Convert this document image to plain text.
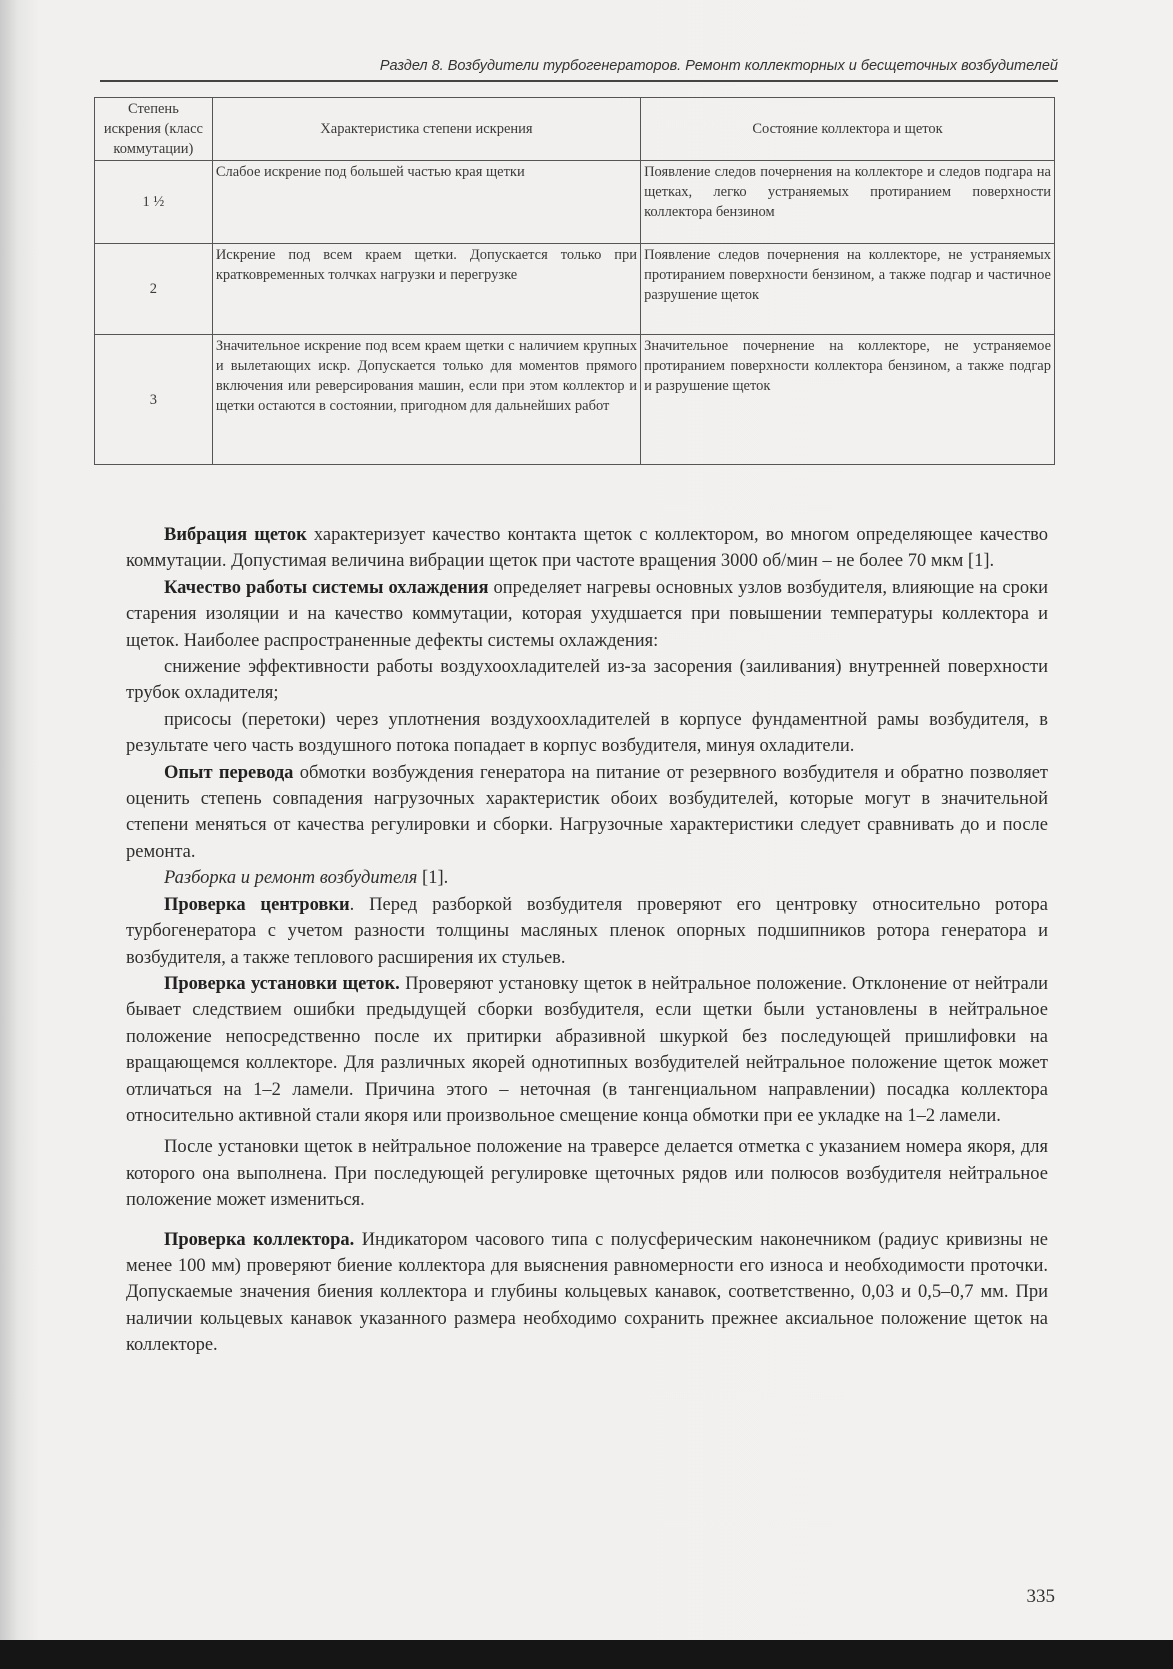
Раздел 8. Возбудители турбогенераторов. Ремонт коллекторных и бесщеточных возбудителей
Степень искрения (класс коммутации)	Характеристика степени искрения	Состояние коллектора и щеток
1 ½	Слабое искрение под большей частью края щетки	Появление следов почернения на коллекторе и следов подгара на щетках, легко устраняемых протиранием поверхности коллектора бензином
2	Искрение под всем краем щетки. Допускается только при кратковременных толчках нагрузки и перегрузке	Появление следов почернения на коллекторе, не устраняемых протиранием поверхности бензином, а также подгар и частичное разрушение щеток
3	Значительное искрение под всем краем щетки с наличием крупных и вылетающих искр. Допускается только для моментов прямого включения или реверсирования машин, если при этом коллектор и щетки остаются в состоянии, пригодном для дальнейших работ	Значительное почернение на коллекторе, не устраняемое протиранием поверхности коллектора бензином, а также подгар и разрушение щеток

Вибрация щеток характеризует качество контакта щеток с коллектором, во многом определяющее качество коммутации. Допустимая величина вибрации щеток при частоте вращения 3000 об/мин – не более 70 мкм [1].

Качество работы системы охлаждения определяет нагревы основных узлов возбудителя, влияющие на сроки старения изоляции и на качество коммутации, которая ухудшается при повышении температуры коллектора и щеток. Наиболее распространенные дефекты системы охлаждения:

снижение эффективности работы воздухоохладителей из-за засорения (заиливания) внутренней поверхности трубок охладителя;

присосы (перетоки) через уплотнения воздухоохладителей в корпусе фундаментной рамы возбудителя, в результате чего часть воздушного потока попадает в корпус возбудителя, минуя охладители.

Опыт перевода обмотки возбуждения генератора на питание от резервного возбудителя и обратно позволяет оценить степень совпадения нагрузочных характеристик обоих возбудителей, которые могут в значительной степени меняться от качества регулировки и сборки. Нагрузочные характеристики следует сравнивать до и после ремонта.

Разборка и ремонт возбудителя [1].

Проверка центровки. Перед разборкой возбудителя проверяют его центровку относительно ротора турбогенератора с учетом разности толщины масляных пленок опорных подшипников ротора генератора и возбудителя, а также теплового расширения их стульев.

Проверка установки щеток. Проверяют установку щеток в нейтральное положение. Отклонение от нейтрали бывает следствием ошибки предыдущей сборки возбудителя, если щетки были установлены в нейтральное положение непосредственно после их притирки абразивной шкуркой без последующей пришлифовки на вращающемся коллекторе. Для различных якорей однотипных возбудителей нейтральное положение щеток может отличаться на 1–2 ламели. Причина этого – неточная (в тангенциальном направлении) посадка коллектора относительно активной стали якоря или произвольное смещение конца обмотки при ее укладке на 1–2 ламели.

После установки щеток в нейтральное положение на траверсе делается отметка с указанием номера якоря, для которого она выполнена. При последующей регулировке щеточных рядов или полюсов возбудителя нейтральное положение может измениться.

Проверка коллектора. Индикатором часового типа с полусферическим наконечником (радиус кривизны не менее 100 мм) проверяют биение коллектора для выяснения равномерности его износа и необходимости проточки. Допускаемые значения биения коллектора и глубины кольцевых канавок, соответственно, 0,03 и 0,5–0,7 мм. При наличии кольцевых канавок указанного размера необходимо сохранить прежнее аксиальное положение щеток на коллекторе.

335
